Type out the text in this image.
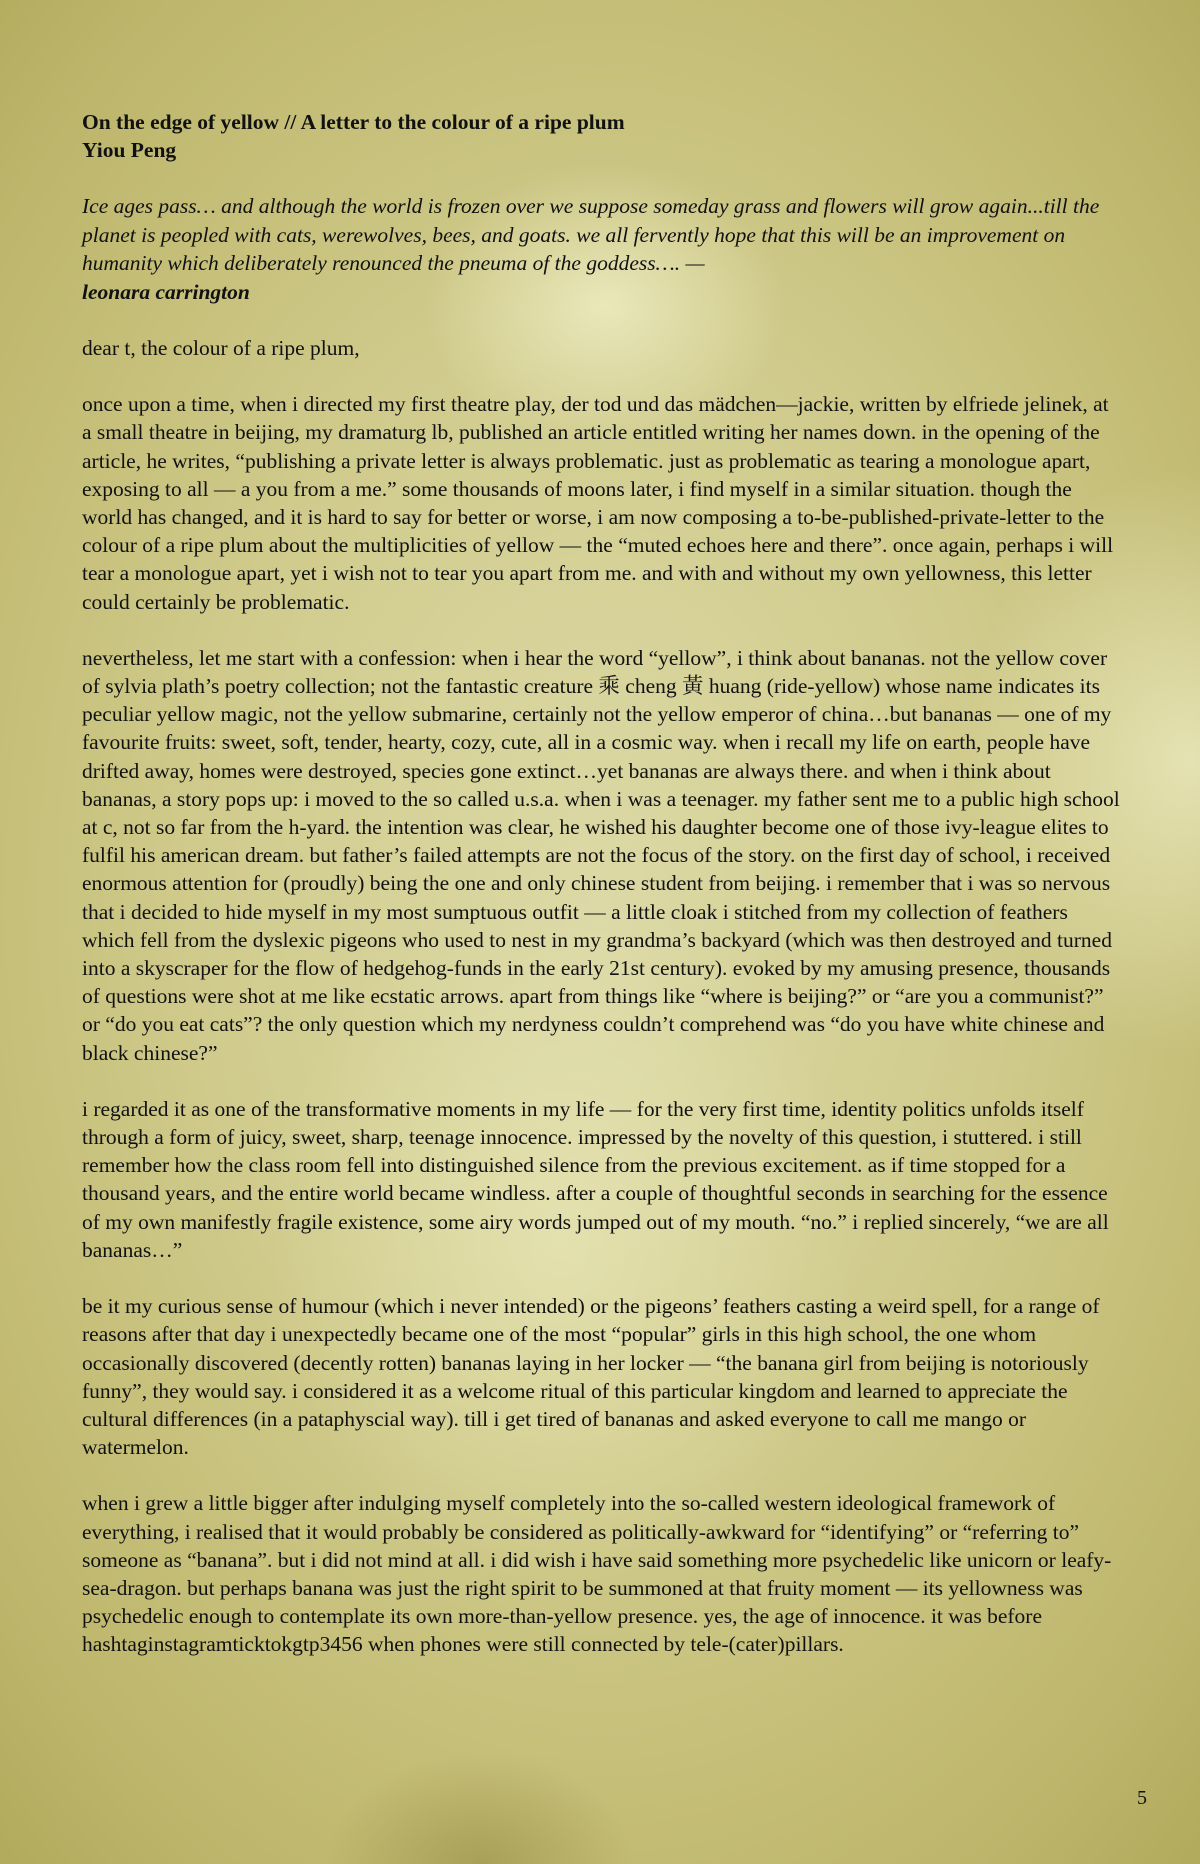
On the edge of yellow // A letter to the colour of a ripe plum
Yiou Peng
Ice ages pass… and although the world is frozen over we suppose someday grass and flowers will grow again...till the planet is peopled with cats, werewolves, bees, and goats. we all fervently hope that this will be an improvement on humanity which deliberately renounced the pneuma of the goddess…. —
leonara carrington

dear t, the colour of a ripe plum,

once upon a time, when i directed my first theatre play, der tod und das mädchen—jackie, written by elfriede jelinek, at a small theatre in beijing, my dramaturg lb, published an article entitled writing her names down. in the opening of the article, he writes, “publishing a private letter is always problematic. just as problematic as tearing a monologue apart, exposing to all — a you from a me.” some thousands of moons later, i find myself in a similar situation. though the world has changed, and it is hard to say for better or worse, i am now composing a to-be-published-private-letter to the colour of a ripe plum about the multiplicities of yellow — the “muted echoes here and there”. once again, perhaps i will tear a monologue apart, yet i wish not to tear you apart from me. and with and without my own yellowness, this letter could certainly be problematic.

nevertheless, let me start with a confession: when i hear the word “yellow”, i think about bananas. not the yellow cover of sylvia plath’s poetry collection; not the fantastic creature 乘 cheng 黃 huang (ride-yellow) whose name indicates its peculiar yellow magic, not the yellow submarine, certainly not the yellow emperor of china…but bananas — one of my favourite fruits: sweet, soft, tender, hearty, cozy, cute, all in a cosmic way. when i recall my life on earth, people have drifted away, homes were destroyed, species gone extinct…yet bananas are always there. and when i think about bananas, a story pops up: i moved to the so called u.s.a. when i was a teenager. my father sent me to a public high school at c, not so far from the h-yard. the intention was clear, he wished his daughter become one of those ivy-league elites to fulfil his american dream. but father’s failed attempts are not the focus of the story. on the first day of school, i received enormous attention for (proudly) being the one and only chinese student from beijing. i remember that i was so nervous that i decided to hide myself in my most sumptuous outfit — a little cloak i stitched from my collection of feathers which fell from the dyslexic pigeons who used to nest in my grandma’s backyard (which was then destroyed and turned into a skyscraper for the flow of hedgehog-funds in the early 21st century). evoked by my amusing presence, thousands of questions were shot at me like ecstatic arrows. apart from things like “where is beijing?” or “are you a communist?” or “do you eat cats”? the only question which my nerdyness couldn’t comprehend was “do you have white chinese and black chinese?”

i regarded it as one of the transformative moments in my life — for the very first time, identity politics unfolds itself through a form of juicy, sweet, sharp, teenage innocence. impressed by the novelty of this question, i stuttered. i still remember how the class room fell into distinguished silence from the previous excitement. as if time stopped for a thousand years, and the entire world became windless. after a couple of thoughtful seconds in searching for the essence of my own manifestly fragile existence, some airy words jumped out of my mouth. “no.” i replied sincerely, “we are all bananas…”

be it my curious sense of humour (which i never intended) or the pigeons’ feathers casting a weird spell, for a range of reasons after that day i unexpectedly became one of the most “popular” girls in this high school, the one whom occasionally discovered (decently rotten) bananas laying in her locker — “the banana girl from beijing is notoriously funny”, they would say. i considered it as a welcome ritual of this particular kingdom and learned to appreciate the cultural differences (in a pataphyscial way). till i get tired of bananas and asked everyone to call me mango or watermelon.

when i grew a little bigger after indulging myself completely into the so-called western ideological framework of everything, i realised that it would probably be considered as politically-awkward for “identifying” or “referring to” someone as “banana”. but i did not mind at all. i did wish i have said something more psychedelic like unicorn or leafy-sea-dragon. but perhaps banana was just the right spirit to be summoned at that fruity moment — its yellowness was psychedelic enough to contemplate its own more-than-yellow presence. yes, the age of innocence. it was before hashtaginstagramticktokgtp3456 when phones were still connected by tele-(cater)pillars.

5
